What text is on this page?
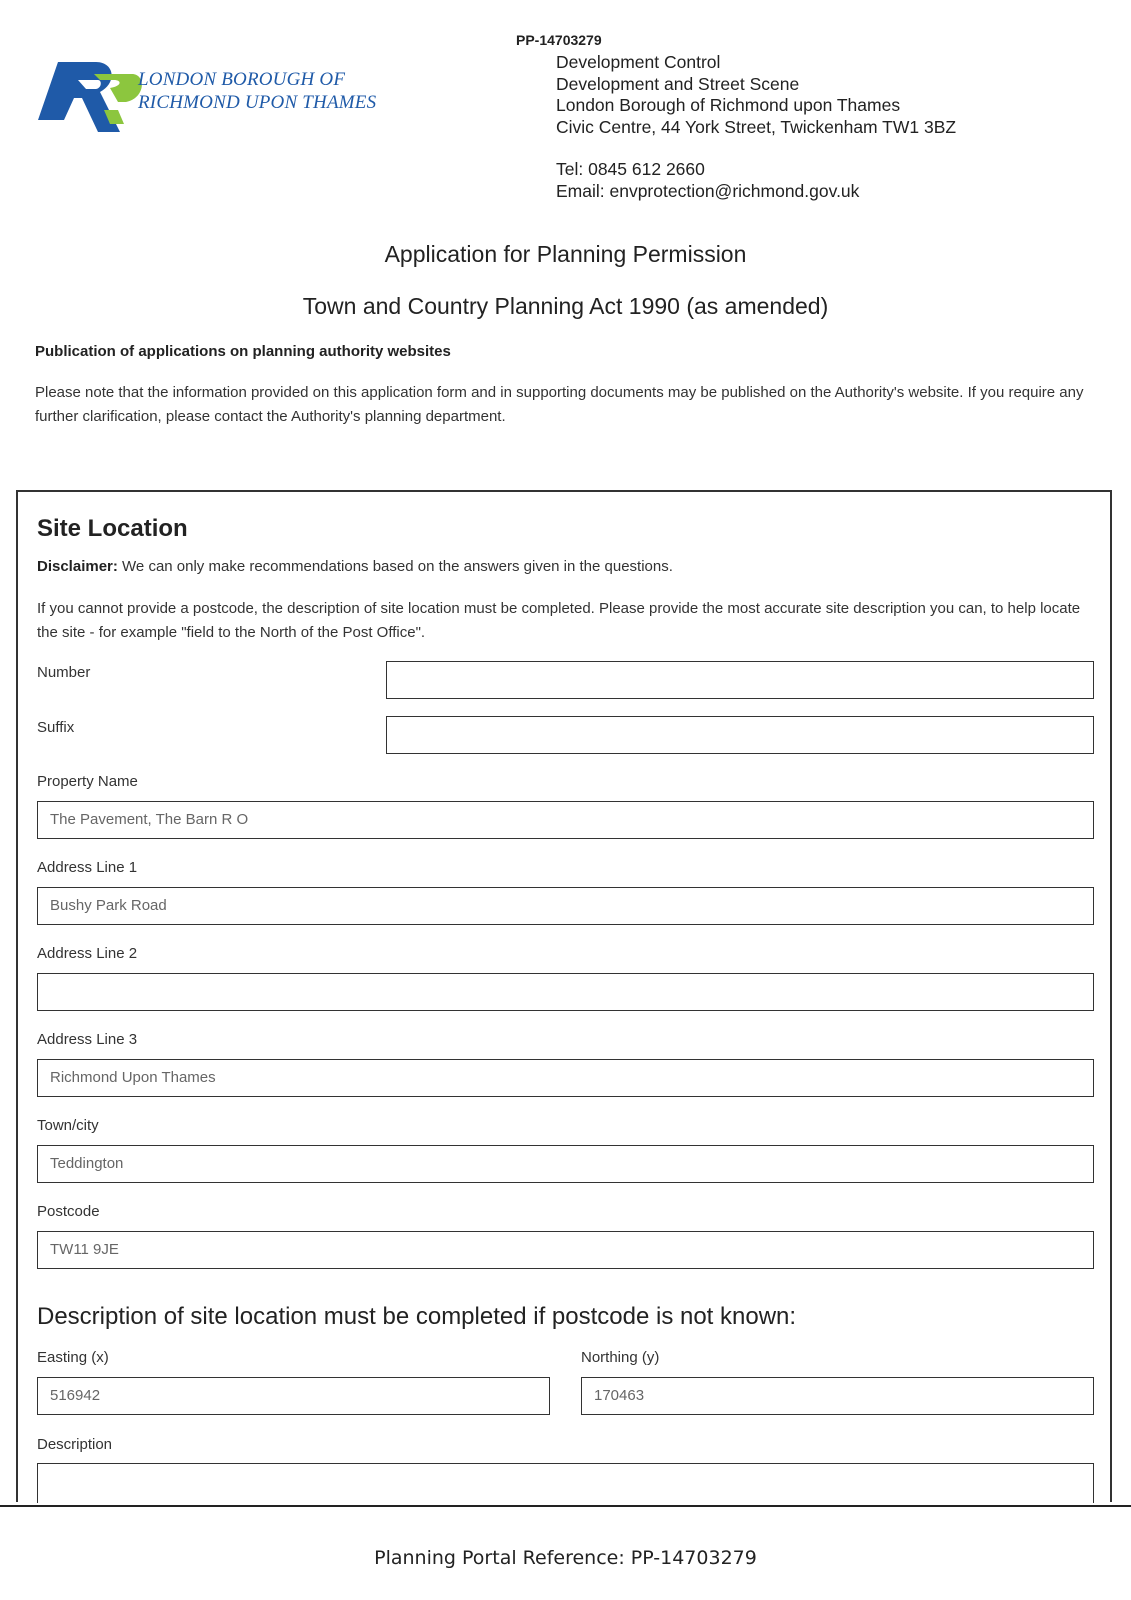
LONDON BOROUGH OF
RICHMOND UPON THAMES
PP-14703279
Development Control
Development and Street Scene
London Borough of Richmond upon Thames
Civic Centre, 44 York Street, Twickenham TW1 3BZ
Tel: 0845 612 2660
Email: envprotection@richmond.gov.uk
Application for Planning Permission
Town and Country Planning Act 1990 (as amended)
Publication of applications on planning authority websites
Please note that the information provided on this application form and in supporting documents may be published on the Authority's website. If you require any further clarification, please contact the Authority's planning department.
Site Location
Disclaimer: We can only make recommendations based on the answers given in the questions.
If you cannot provide a postcode, the description of site location must be completed. Please provide the most accurate site description you can, to help locate the site - for example "field to the North of the Post Office".
Number
Suffix
Property Name
The Pavement, The Barn R O
Address Line 1
Bushy Park Road
Address Line 2
Address Line 3
Richmond Upon Thames
Town/city
Teddington
Postcode
TW11 9JE
Description of site location must be completed if postcode is not known:
Easting (x)
516942
Northing (y)
170463
Description
Planning Portal Reference: PP-14703279
